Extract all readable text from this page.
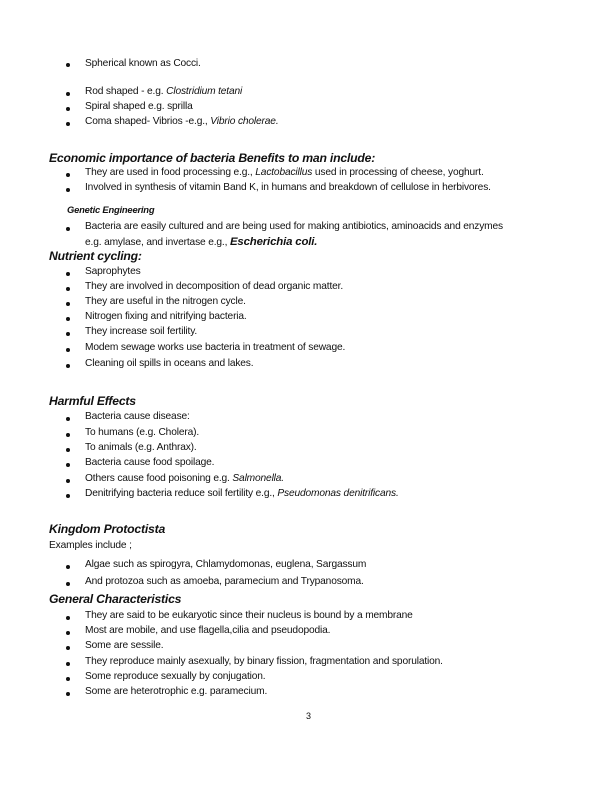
Spherical known as Cocci.
Rod shaped - e.g. Clostridium tetani
Spiral shaped e.g. sprilla
Coma shaped- Vibrios -e.g., Vibrio cholerae.
Economic importance of bacteria Benefits to man include:
They are used in food processing e.g., Lactobacillus used in processing of cheese, yoghurt.
Involved in synthesis of vitamin Band K, in humans and breakdown of cellulose in herbivores.
Genetic Engineering
Bacteria are easily cultured and are being used for making antibiotics, aminoacids and enzymes
e.g. amylase, and invertase e.g., Escherichia coli.
Nutrient cycling:
Saprophytes
They are involved in decomposition of dead organic matter.
They are useful in the nitrogen cycle.
Nitrogen fixing and nitrifying bacteria.
They increase soil fertility.
Modem sewage works use bacteria in treatment of sewage.
Cleaning oil spills in oceans and lakes.
Harmful Effects
Bacteria cause disease:
To humans (e.g. Cholera).
To animals (e.g. Anthrax).
Bacteria cause food spoilage.
Others cause food poisoning e.g. Salmonella.
Denitrifying bacteria reduce soil fertility e.g., Pseudomonas denitrificans.
Kingdom Protoctista
Examples include ;
Algae such as spirogyra, Chlamydomonas, euglena, Sargassum
And protozoa such as amoeba, paramecium and Trypanosoma.
General Characteristics
They are said to be eukaryotic since their nucleus is bound by a membrane
Most are mobile, and use flagella,cilia and pseudopodia.
Some are sessile.
They reproduce mainly asexually, by binary fission, fragmentation and sporulation.
Some reproduce sexually by conjugation.
Some are heterotrophic e.g. paramecium.
3
